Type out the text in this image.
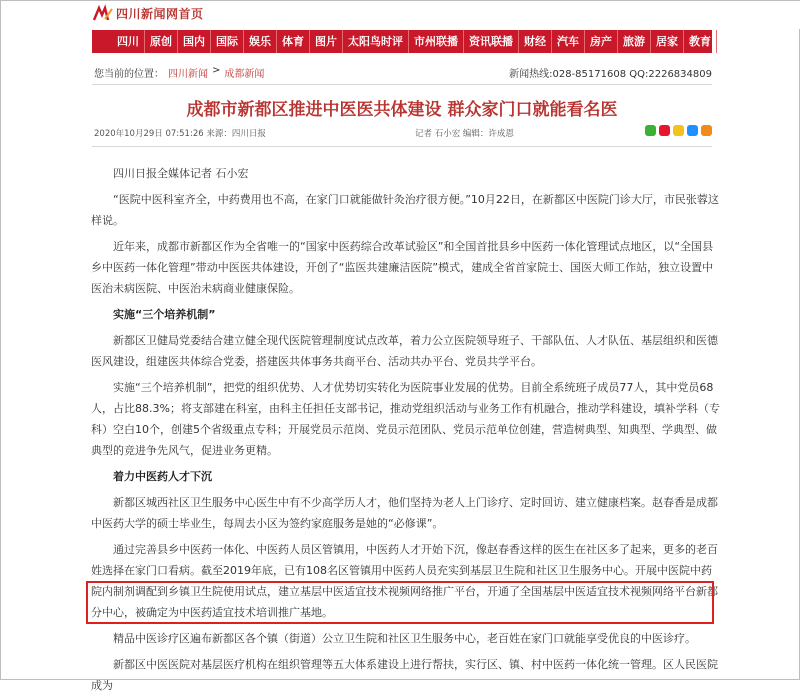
四川新闻网首页
四川	原创	国内	国际	娱乐	体育	图片	太阳鸟时评	市州联播	资讯联播	财经	汽车	房产	旅游	居家	教育	食品
您当前的位置： 四川新闻 > 成都新闻	新闻热线:028-85171608 QQ:2226834809
成都市新都区推进中医医共体建设 群众家门口就能看名医
2020年10月29日 07:51:26 来源：四川日报	记者 石小宏 编辑：许成恩

四川日报全媒体记者 石小宏

“医院中医科室齐全，中药费用也不高，在家门口就能做针灸治疗很方便。”10月22日，在新都区中医院门诊大厅，市民张蓉这样说。

近年来，成都市新都区作为全省唯一的“国家中医药综合改革试验区”和全国首批县乡中医药一体化管理试点地区，以“全国县乡中医药一体化管理”带动中医医共体建设，开创了“监医共建廉洁医院”模式，建成全省首家院士、国医大师工作站，独立设置中医治未病医院、中医治未病商业健康保险。

实施“三个培养机制”

新都区卫健局党委结合建立健全现代医院管理制度试点改革，着力公立医院领导班子、干部队伍、人才队伍、基层组织和医德医风建设，组建医共体综合党委，搭建医共体事务共商平台、活动共办平台、党员共学平台。

实施“三个培养机制”，把党的组织优势、人才优势切实转化为医院事业发展的优势。目前全系统班子成员77人，其中党员68人，占比88.3%；将支部建在科室，由科主任担任支部书记，推动党组织活动与业务工作有机融合，推动学科建设，填补学科（专科）空白10个，创建5个省级重点专科；开展党员示范岗、党员示范团队、党员示范单位创建，营造树典型、知典型、学典型、做典型的竞进争先风气，促进业务更精。

着力中医药人才下沉

新都区城西社区卫生服务中心医生中有不少高学历人才，他们坚持为老人上门诊疗、定时回访、建立健康档案。赵春香是成都中医药大学的硕士毕业生，每周去小区为签约家庭服务是她的“必修课”。

通过完善县乡中医药一体化、中医药人员区管镇用，中医药人才开始下沉，像赵春香这样的医生在社区多了起来，更多的老百姓选择在家门口看病。截至2019年底，已有108名区管镇用中医药人员充实到基层卫生院和社区卫生服务中心。开展中医院中药院内制剂调配到乡镇卫生院使用试点，建立基层中医适宜技术视频网络推广平台，开通了全国基层中医适宜技术视频网络平台新都分中心，被确定为中医药适宜技术培训推广基地。

精品中医诊疗区遍布新都区各个镇（街道）公立卫生院和社区卫生服务中心，老百姓在家门口就能享受优良的中医诊疗。

新都区中医医院对基层医疗机构在组织管理等五大体系建设上进行帮扶，实行区、镇、村中医药一体化统一管理。区人民医院成为
